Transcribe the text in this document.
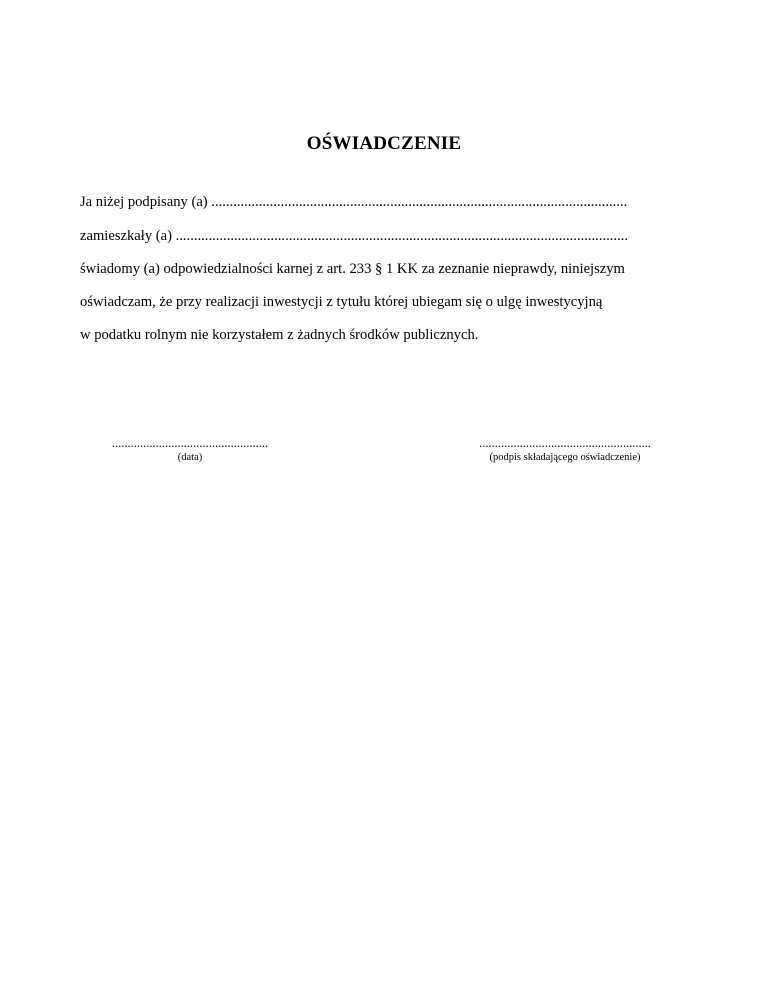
OŚWIADCZENIE
Ja niżej podpisany (a) ..................................................................................................................
zamieszkały (a) ............................................................................................................................
świadomy (a) odpowiedzialności karnej z art. 233 § 1 KK za zeznanie nieprawdy, niniejszym
oświadczam, że przy realizacji inwestycji z tytułu której ubiegam się o ulgę inwestycyjną
w podatku rolnym nie korzystałem z żadnych środków publicznych.
..................................................
(data)
.......................................................
(podpis składającego oświadczenie)
